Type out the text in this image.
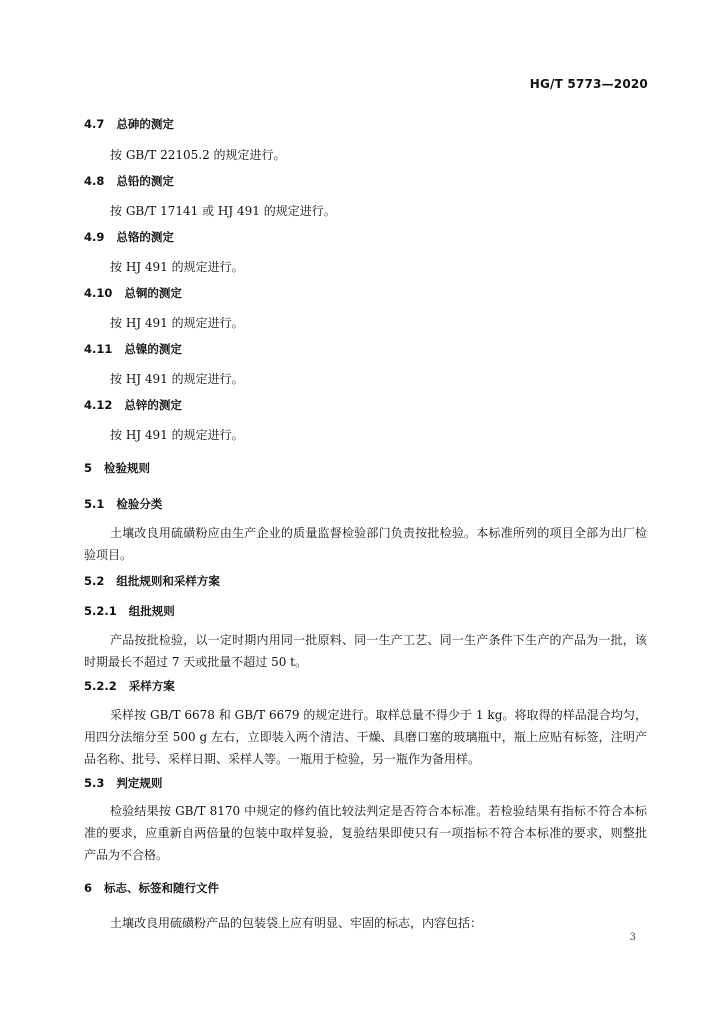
HG/T 5773—2020
4.7 总砷的测定
按 GB/T 22105.2 的规定进行。
4.8 总铅的测定
按 GB/T 17141 或 HJ 491 的规定进行。
4.9 总铬的测定
按 HJ 491 的规定进行。
4.10 总铜的测定
按 HJ 491 的规定进行。
4.11 总镍的测定
按 HJ 491 的规定进行。
4.12 总锌的测定
按 HJ 491 的规定进行。
5 检验规则
5.1 检验分类
土壤改良用硫磺粉应由生产企业的质量监督检验部门负责按批检验。本标准所列的项目全部为出厂检验项目。
5.2 组批规则和采样方案
5.2.1 组批规则
产品按批检验，以一定时期内用同一批原料、同一生产工艺、同一生产条件下生产的产品为一批，该时期最长不超过 7 天或批量不超过 50 t。
5.2.2 采样方案
采样按 GB/T 6678 和 GB/T 6679 的规定进行。取样总量不得少于 1 kg。将取得的样品混合均匀，用四分法缩分至 500 g 左右，立即装入两个清洁、干燥、具磨口塞的玻璃瓶中，瓶上应贴有标签，注明产品名称、批号、采样日期、采样人等。一瓶用于检验，另一瓶作为备用样。
5.3 判定规则
检验结果按 GB/T 8170 中规定的修约值比较法判定是否符合本标准。若检验结果有指标不符合本标准的要求，应重新自两倍量的包装中取样复验，复验结果即使只有一项指标不符合本标准的要求，则整批产品为不合格。
6 标志、标签和随行文件
土壤改良用硫磺粉产品的包装袋上应有明显、牢固的标志，内容包括：
3
